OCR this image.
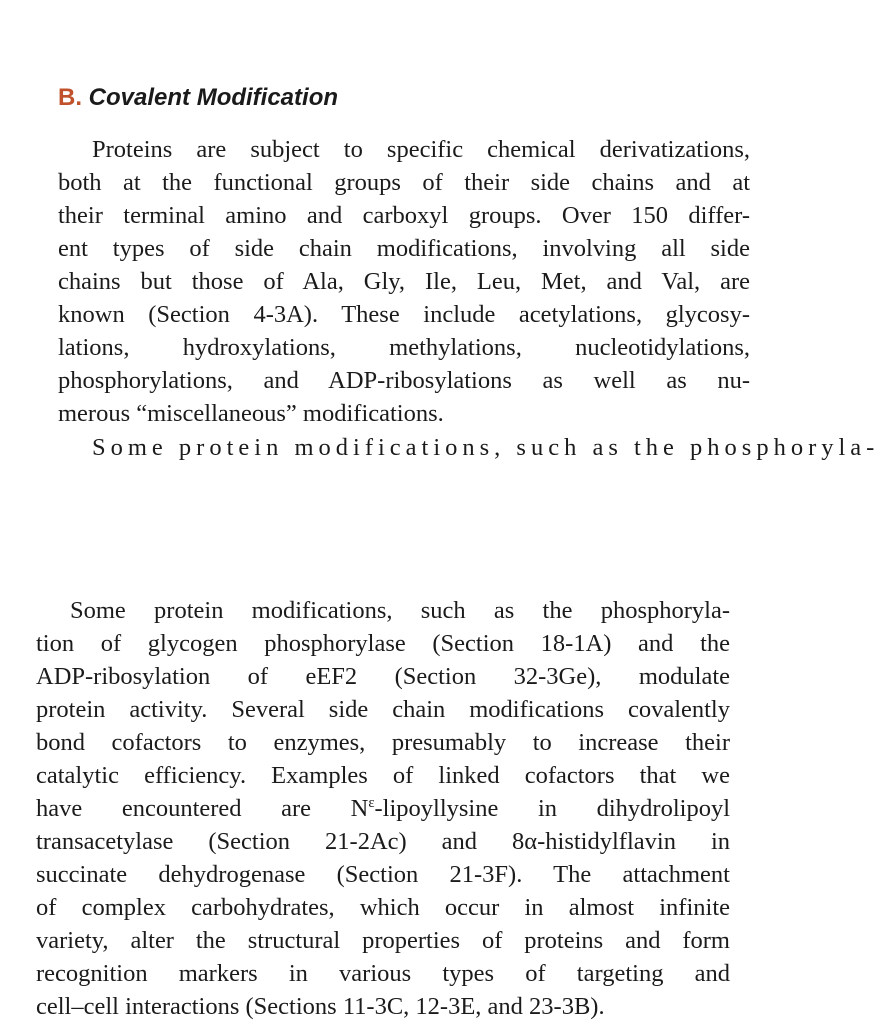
B. Covalent Modification
Proteins are subject to specific chemical derivatizations,
both at the functional groups of their side chains and at
their terminal amino and carboxyl groups. Over 150 differ-
ent types of side chain modifications, involving all side
chains but those of Ala, Gly, Ile, Leu, Met, and Val, are
known (Section 4-3A). These include acetylations, glycosy-
lations, hydroxylations, methylations, nucleotidylations,
phosphorylations, and ADP-ribosylations as well as nu-
merous “miscellaneous” modifications.
Some protein modifications, such as the phosphoryla-
Some protein modifications, such as the phosphoryla-
tion of glycogen phosphorylase (Section 18-1A) and the
ADP-ribosylation of eEF2 (Section 32-3Ge), modulate
protein activity. Several side chain modifications covalently
bond cofactors to enzymes, presumably to increase their
catalytic efficiency. Examples of linked cofactors that we
have encountered are $N^\varepsilon$-lipoyllysine in dihydrolipoyl
transacetylase (Section 21-2Ac) and 8α-histidylflavin in
succinate dehydrogenase (Section 21-3F). The attachment
of complex carbohydrates, which occur in almost infinite
variety, alter the structural properties of proteins and form
recognition markers in various types of targeting and
cell–cell interactions (Sections 11-3C, 12-3E, and 23-3B).
